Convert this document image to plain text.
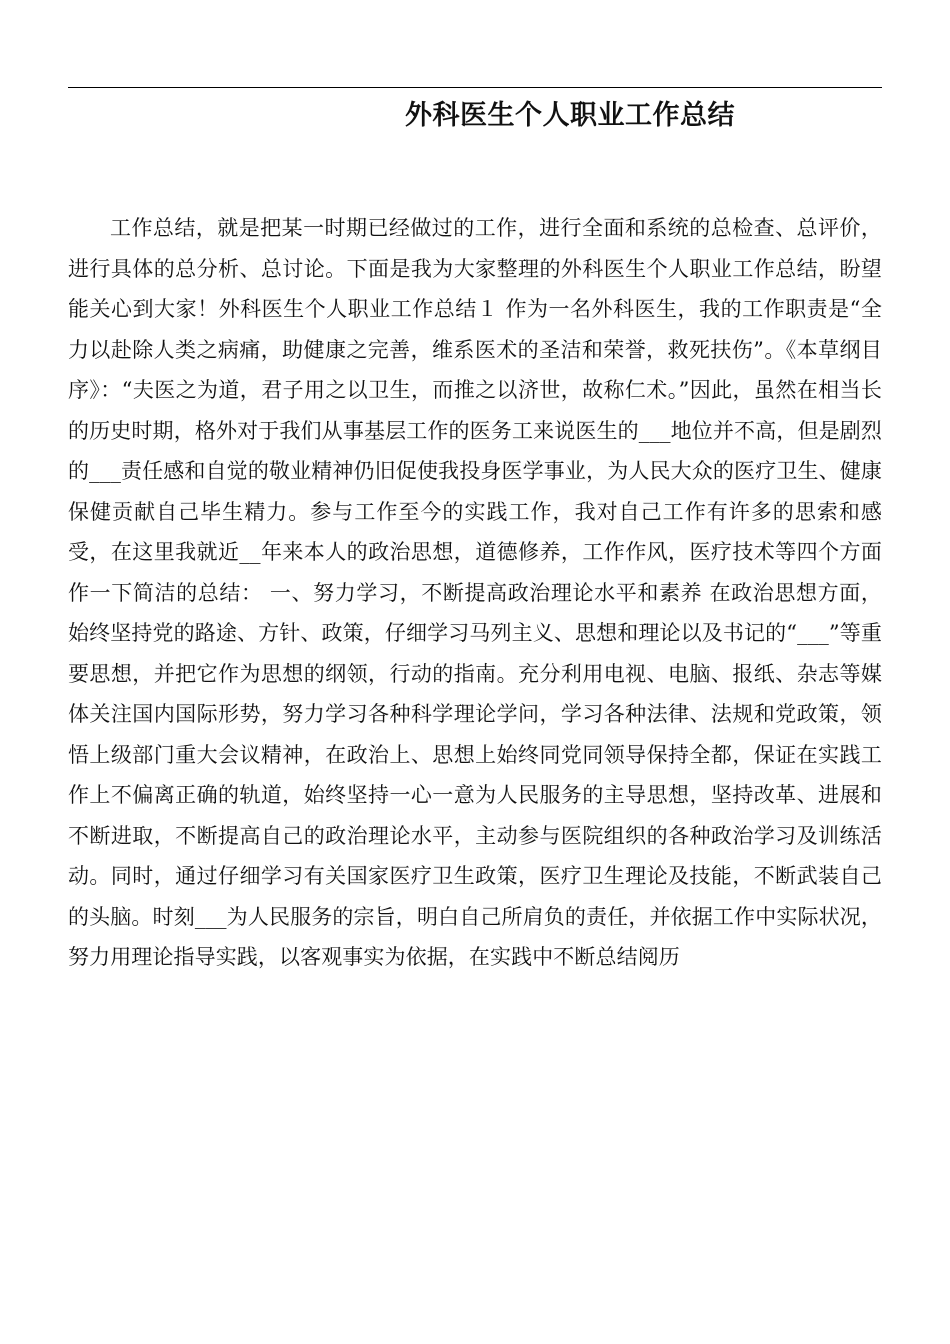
外科医生个人职业工作总结

工作总结，就是把某一时期已经做过的工作，进行全面和系统的总检查、总评价，进行具体的总分析、总讨论。下面是我为大家整理的外科医生个人职业工作总结，盼望能关心到大家！外科医生个人职业工作总结１ 作为一名外科医生，我的工作职责是“全力以赴除人类之病痛，助健康之完善，维系医术的圣洁和荣誉，救死扶伤”。《本草纲目序》：“夫医之为道，君子用之以卫生，而推之以济世，故称仁术。”因此，虽然在相当长的历史时期，格外对于我们从事基层工作的医务工来说医生的___地位并不高，但是剧烈的___责任感和自觉的敬业精神仍旧促使我投身医学事业，为人民大众的医疗卫生、健康保健贡献自己毕生精力。参与工作至今的实践工作，我对自己工作有许多的思索和感受，在这里我就近__年来本人的政治思想，道德修养，工作作风，医疗技术等四个方面作一下简洁的总结： 一、努力学习，不断提高政治理论水平和素养 在政治思想方面，始终坚持党的路途、方针、政策，仔细学习马列主义、思想和理论以及书记的“___”等重要思想，并把它作为思想的纲领，行动的指南。充分利用电视、电脑、报纸、杂志等媒体关注国内国际形势，努力学习各种科学理论学问，学习各种法律、法规和党政策，领悟上级部门重大会议精神，在政治上、思想上始终同党同领导保持全都，保证在实践工作上不偏离正确的轨道，始终坚持一心一意为人民服务的主导思想，坚持改革、进展和不断进取，不断提高自己的政治理论水平，主动参与医院组织的各种政治学习及训练活动。同时，通过仔细学习有关国家医疗卫生政策，医疗卫生理论及技能，不断武装自己的头脑。时刻___为人民服务的宗旨，明白自己所肩负的责任，并依据工作中实际状况，努力用理论指导实践，以客观事实为依据，在实践中不断总结阅历
